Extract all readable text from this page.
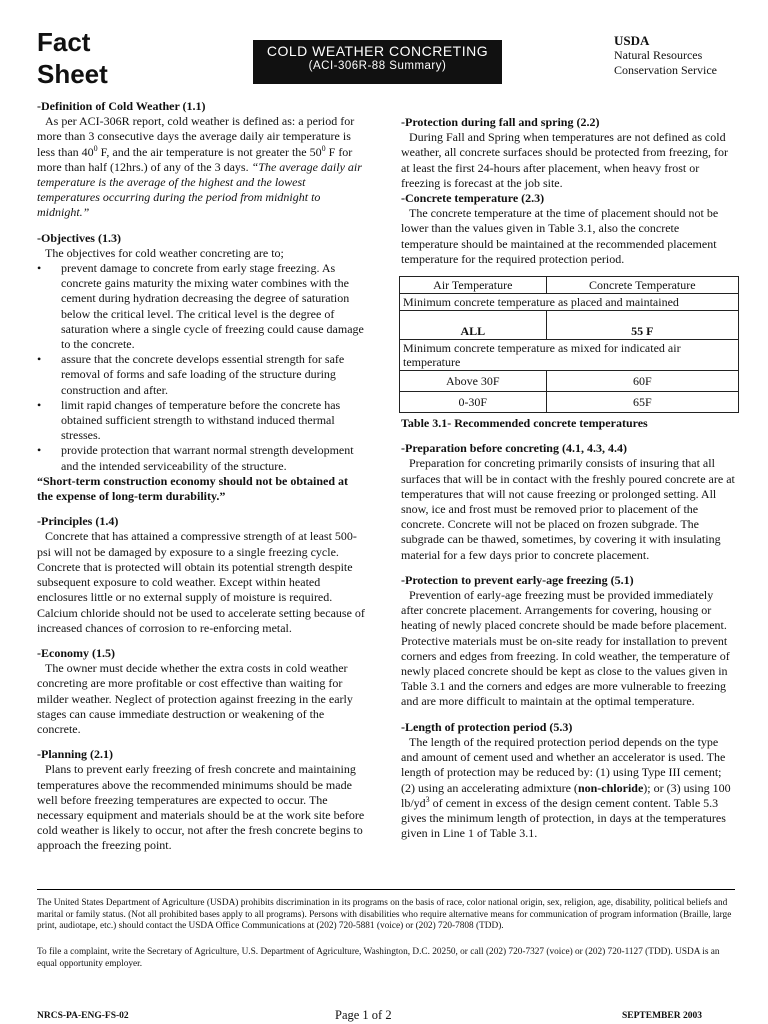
Fact
Sheet
COLD WEATHER CONCRETING
(ACI-306R-88 Summary)
USDA
Natural Resources
Conservation Service
-Definition of Cold Weather (1.1)
As per ACI-306R report, cold weather is defined as: a period for more than 3 consecutive days the average daily air temperature is less than $40^0$ F, and the air temperature is not greater the $50^0$ F for more than half (12hrs.) of any of the 3 days. “The average daily air temperature is the average of the highest and the lowest temperatures occurring during the period from midnight to midnight.”
-Objectives (1.3)
The objectives for cold weather concreting are to;
• prevent damage to concrete from early stage freezing. As concrete gains maturity the mixing water combines with the cement during hydration decreasing the degree of saturation below the critical level. The critical level is the degree of saturation where a single cycle of freezing could cause damage to the concrete.
• assure that the concrete develops essential strength for safe removal of forms and safe loading of the structure during construction and after.
• limit rapid changes of temperature before the concrete has obtained sufficient strength to withstand induced thermal stresses.
• provide protection that warrant normal strength development and the intended serviceability of the structure.
“Short-term construction economy should not be obtained at the expense of long-term durability.”
-Principles (1.4)
Concrete that has attained a compressive strength of at least 500-psi will not be damaged by exposure to a single freezing cycle. Concrete that is protected will obtain its potential strength despite subsequent exposure to cold weather. Except within heated enclosures little or no external supply of moisture is required. Calcium chloride should not be used to accelerate setting because of increased chances of corrosion to re-enforcing metal.
-Economy (1.5)
The owner must decide whether the extra costs in cold weather concreting are more profitable or cost effective than waiting for milder weather. Neglect of protection against freezing in the early stages can cause immediate destruction or weakening of the concrete.
-Planning (2.1)
Plans to prevent early freezing of fresh concrete and maintaining temperatures above the recommended minimums should be made well before freezing temperatures are expected to occur. The necessary equipment and materials should be at the work site before cold weather is likely to occur, not after the fresh concrete begins to approach the freezing point.
-Protection during fall and spring (2.2)
During Fall and Spring when temperatures are not defined as cold weather, all concrete surfaces should be protected from freezing, for at least the first 24-hours after placement, when heavy frost or freezing is forecast at the job site.
-Concrete temperature (2.3)
The concrete temperature at the time of placement should not be lower than the values given in Table 3.1, also the concrete temperature should be maintained at the recommended placement temperature for the required protection period.
Air Temperature	Concrete Temperature
Minimum concrete temperature as placed and maintained	
ALL	55 F
Minimum concrete temperature as mixed for indicated air temperature	
Above 30F	60F
0-30F	65F
Table 3.1- Recommended concrete temperatures
-Preparation before concreting (4.1, 4.3, 4.4)
Preparation for concreting primarily consists of insuring that all surfaces that will be in contact with the freshly poured concrete are at temperatures that will not cause freezing or prolonged setting. All snow, ice and frost must be removed prior to placement of the concrete. Concrete will not be placed on frozen subgrade. The subgrade can be thawed, sometimes, by covering it with insulating material for a few days prior to concrete placement.
-Protection to prevent early-age freezing (5.1)
Prevention of early-age freezing must be provided immediately after concrete placement. Arrangements for covering, housing or heating of newly placed concrete should be made before placement. Protective materials must be on-site ready for installation to prevent corners and edges from freezing. In cold weather, the temperature of newly placed concrete should be kept as close to the values given in Table 3.1 and the corners and edges are more vulnerable to freezing and are more difficult to maintain at the optimal temperature.
-Length of protection period (5.3)
The length of the required protection period depends on the type and amount of cement used and whether an accelerator is used. The length of protection may be reduced by: (1) using Type III cement; (2) using an accelerating admixture (non-chloride); or (3) using 100 $lb/yd^3$ of cement in excess of the design cement content. Table 5.3 gives the minimum length of protection, in days at the temperatures given in Line 1 of Table 3.1.
The United States Department of Agriculture (USDA) prohibits discrimination in its programs on the basis of race, color national origin, sex, religion, age, disability, political beliefs and marital or family status. (Not all prohibited bases apply to all programs). Persons with disabilities who require alternative means for communication of program information (Braille, large print, audiotape, etc.) should contact the USDA Office Communications at (202) 720-5881 (voice) or (202) 720-7808 (TDD).
To file a complaint, write the Secretary of Agriculture, U.S. Department of Agriculture, Washington, D.C. 20250, or call (202) 720-7327 (voice) or (202) 720-1127 (TDD). USDA is an equal opportunity employer.
NRCS-PA-ENG-FS-02	Page 1 of 2	SEPTEMBER 2003
